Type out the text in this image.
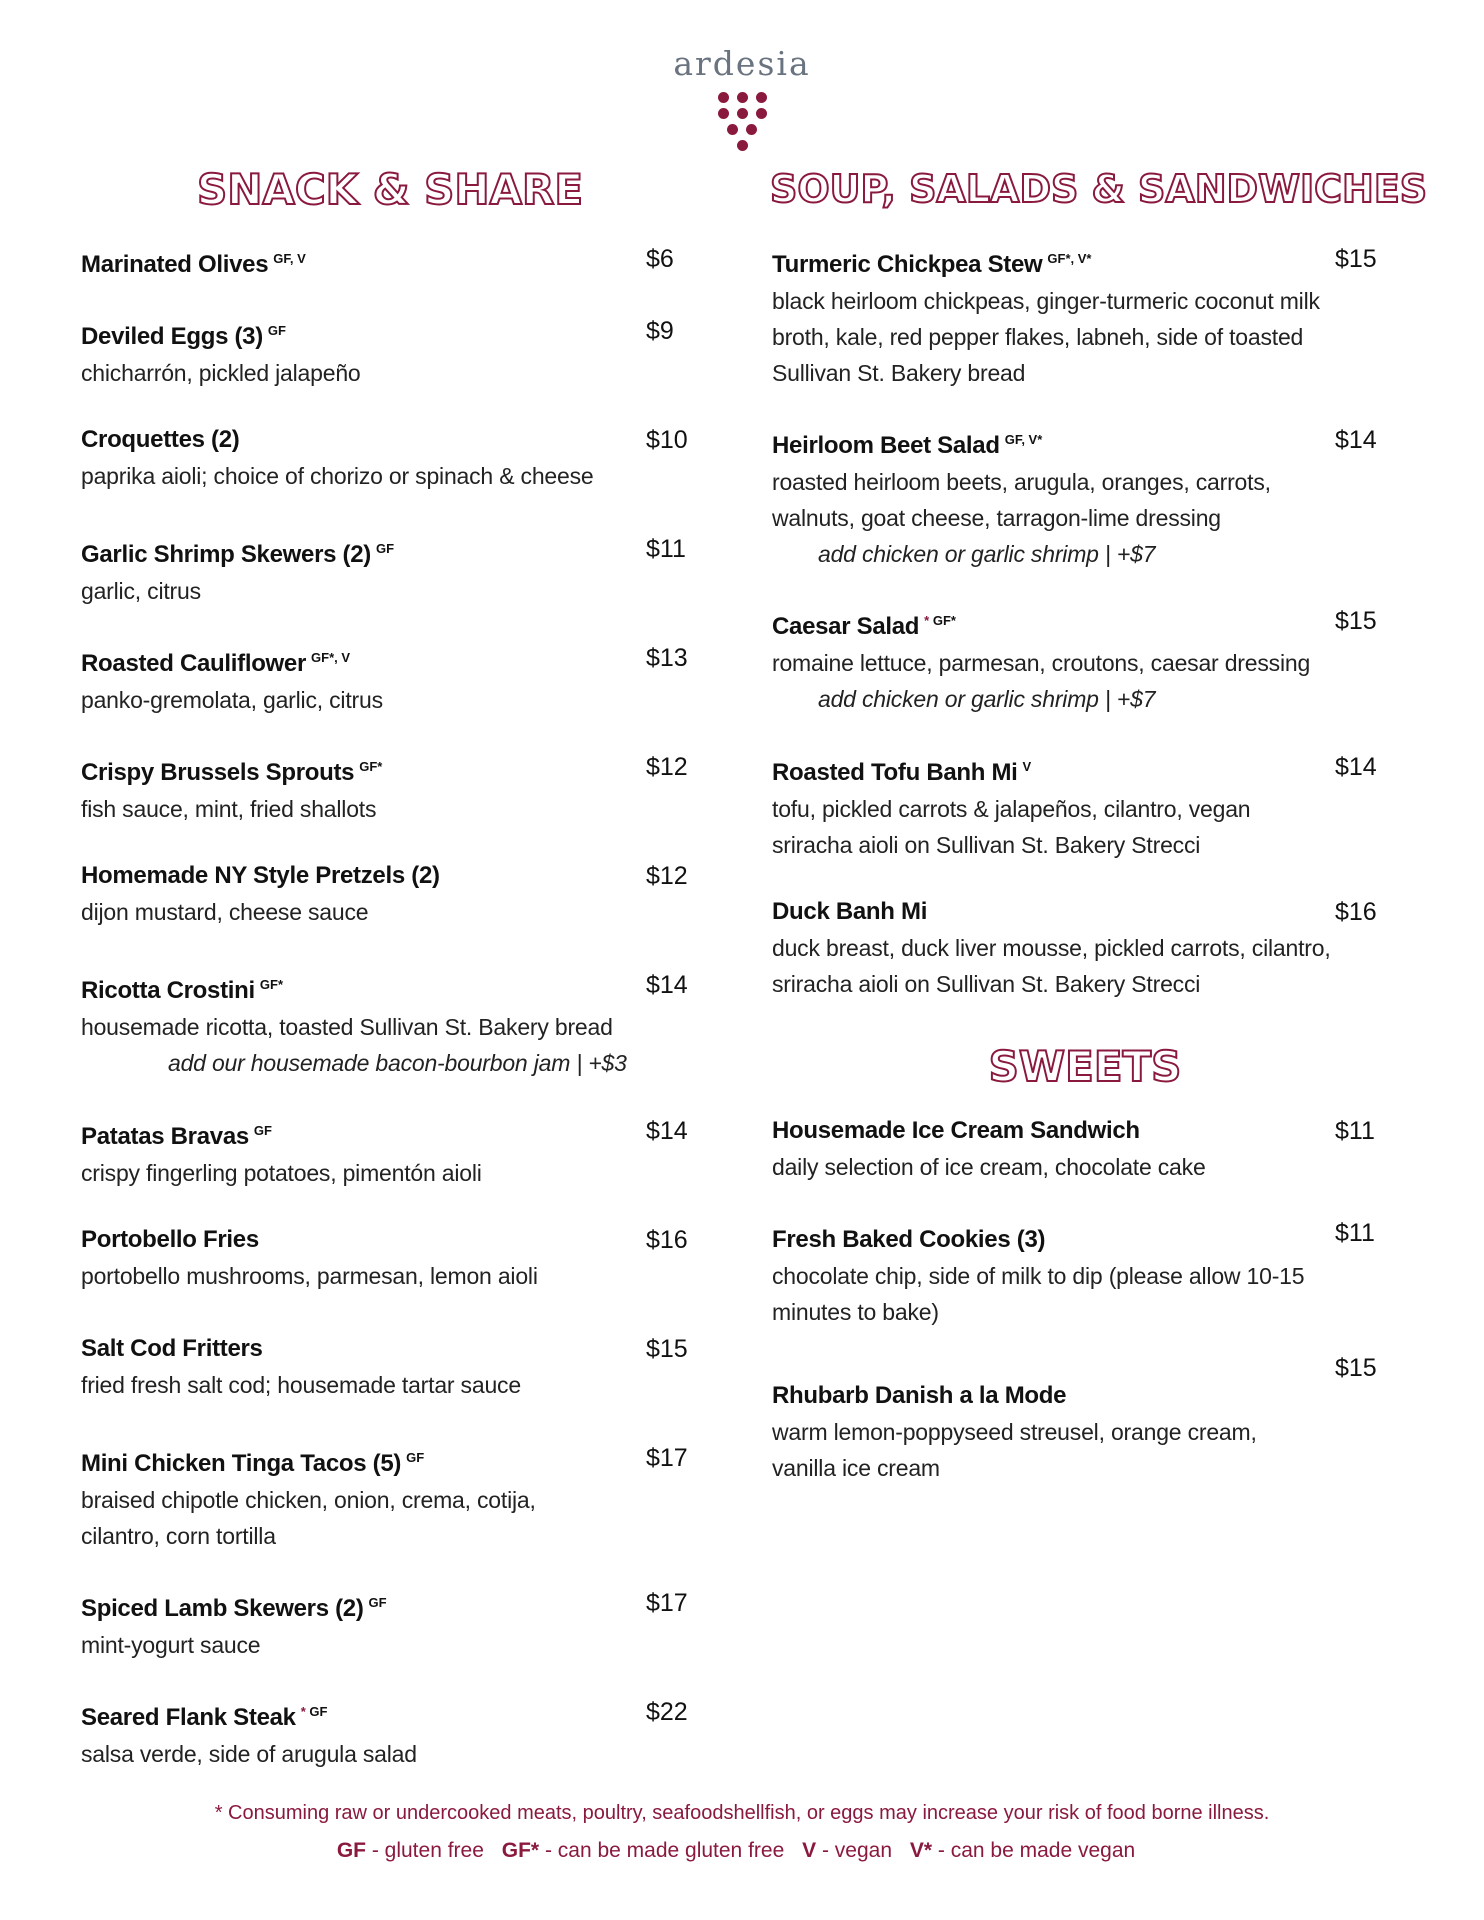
ardesia
SNACK & SHARE	SOUP, SALADS & SANDWICHES
SWEETS
Marinated Olives $^{GF, V}$	$6
Deviled Eggs (3) $^{GF}$
chicharrón, pickled jalapeño
$9
Croquettes (2)
paprika aioli; choice of chorizo or spinach & cheese
$10
Garlic Shrimp Skewers (2) $^{GF}$
garlic, citrus
$11
Roasted Cauliflower $^{GF*, V}$
panko-gremolata, garlic, citrus
$13
Crispy Brussels Sprouts $^{GF*}$
fish sauce, mint, fried shallots
$12
Homemade NY Style Pretzels (2)
dijon mustard, cheese sauce
$12
Ricotta Crostini $^{GF*}$
housemade ricotta, toasted Sullivan St. Bakery bread
add our housemade bacon-bourbon jam | +$3
$14
Patatas Bravas $^{GF}$
crispy fingerling potatoes, pimentón aioli
$14
Portobello Fries
portobello mushrooms, parmesan, lemon aioli
$16
Salt Cod Fritters
fried fresh salt cod; housemade tartar sauce
$15
Mini Chicken Tinga Tacos (5) $^{GF}$
braised chipotle chicken, onion, crema, cotija, cilantro, corn tortilla
$17
Spiced Lamb Skewers (2) $^{GF}$
mint-yogurt sauce
$17
Seared Flank Steak $^{* GF}$
salsa verde, side of arugula salad
$22
Turmeric Chickpea Stew $^{GF*, V*}$
black heirloom chickpeas, ginger-turmeric coconut milk broth, kale, red pepper flakes, labneh, side of toasted Sullivan St. Bakery bread
$15
Heirloom Beet Salad $^{GF, V*}$
roasted heirloom beets, arugula, oranges, carrots, walnuts, goat cheese, tarragon-lime dressing
add chicken or garlic shrimp | +$7
$14
Caesar Salad $^{* GF*}$
romaine lettuce, parmesan, croutons, caesar dressing
add chicken or garlic shrimp | +$7
$15
Roasted Tofu Banh Mi $^V$
tofu, pickled carrots & jalapeños, cilantro, vegan sriracha aioli on Sullivan St. Bakery Strecci
$14
Duck Banh Mi
duck breast, duck liver mousse, pickled carrots, cilantro, sriracha aioli on Sullivan St. Bakery Strecci
$16
Housemade Ice Cream Sandwich
daily selection of ice cream, chocolate cake
$11
Fresh Baked Cookies (3)
chocolate chip, side of milk to dip (please allow 10-15 minutes to bake)
$11
Rhubarb Danish a la Mode
warm lemon-poppyseed streusel, orange cream, vanilla ice cream
$15
* Consuming raw or undercooked meats, poultry, seafoodshellfish, or eggs may increase your risk of food borne illness.
GF - gluten free GF* - can be made gluten free V - vegan V* - can be made vegan
